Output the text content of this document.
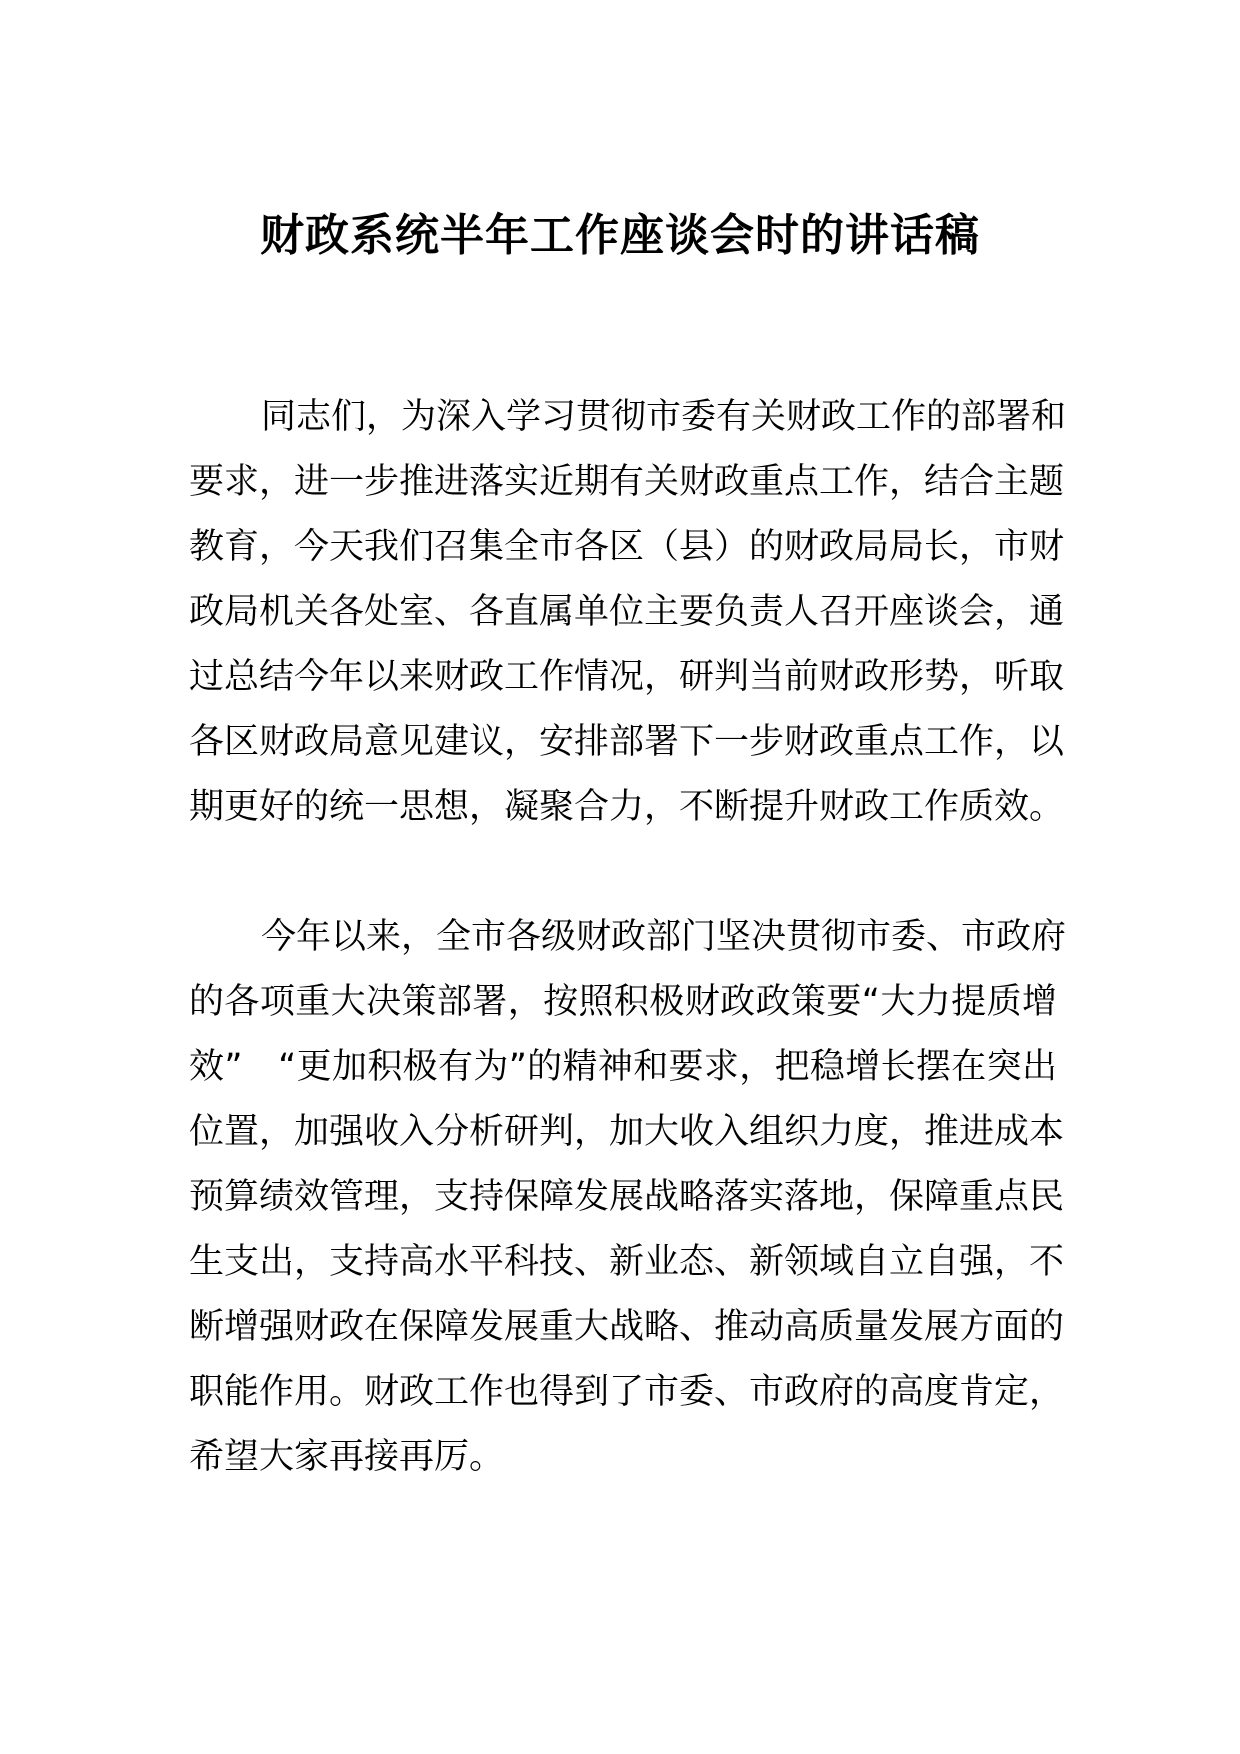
财政系统半年工作座谈会时的讲话稿
同志们，为深入学习贯彻市委有关财政工作的部署和
要求，进一步推进落实近期有关财政重点工作，结合主题
教育，今天我们召集全市各区（县）的财政局局长，市财
政局机关各处室、各直属单位主要负责人召开座谈会，通
过总结今年以来财政工作情况，研判当前财政形势，听取
各区财政局意见建议，安排部署下一步财政重点工作，以
期更好的统一思想，凝聚合力，不断提升财政工作质效。
今年以来，全市各级财政部门坚决贯彻市委、市政府
的各项重大决策部署，按照积极财政政策要“大力提质增
效”　“更加积极有为”的精神和要求，把稳增长摆在突出
位置，加强收入分析研判，加大收入组织力度，推进成本
预算绩效管理，支持保障发展战略落实落地，保障重点民
生支出，支持高水平科技、新业态、新领域自立自强，不
断增强财政在保障发展重大战略、推动高质量发展方面的
职能作用。财政工作也得到了市委、市政府的高度肯定，
希望大家再接再厉。
